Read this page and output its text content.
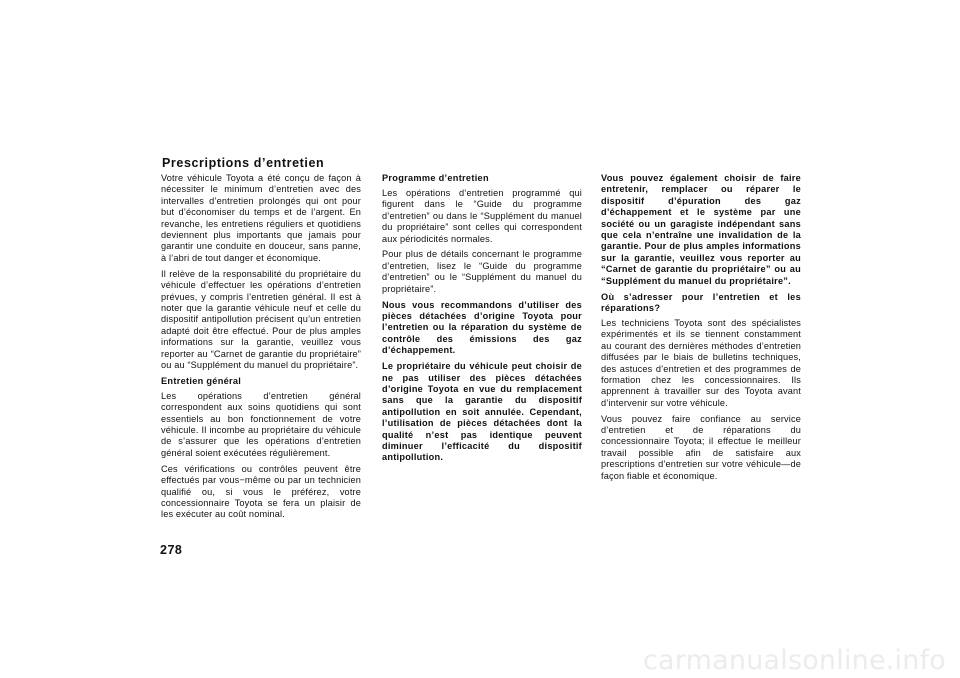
Prescriptions d’entretien

Votre véhicule Toyota a été conçu de façon à nécessiter le minimum d’entretien avec des intervalles d’entretien prolongés qui ont pour but d’économiser du temps et de l’argent. En revanche, les entretiens réguliers et quotidiens deviennent plus importants que jamais pour garantir une conduite en douceur, sans panne, à l’abri de tout danger et économique.

Il relève de la responsabilité du propriétaire du véhicule d’effectuer les opérations d’entretien prévues, y compris l’entretien général. Il est à noter que la garantie véhicule neuf et celle du dispositif antipollution précisent qu’un entretien adapté doit être effectué. Pour de plus amples informations sur la garantie, veuillez vous reporter au “Carnet de garantie du propriétaire” ou au “Supplément du manuel du propriétaire”.

Entretien général

Les opérations d’entretien général correspondent aux soins quotidiens qui sont essentiels au bon fonctionnement de votre véhicule. Il incombe au propriétaire du véhicule de s’assurer que les opérations d’entretien général soient exécutées régulièrement.

Ces vérifications ou contrôles peuvent être effectués par vous−même ou par un technicien qualifié ou, si vous le préférez, votre concessionnaire Toyota se fera un plaisir de les exécuter au coût nominal.

Programme d’entretien

Les opérations d’entretien programmé qui figurent dans le “Guide du programme d’entretien” ou dans le “Supplément du manuel du propriétaire” sont celles qui correspondent aux périodicités normales.

Pour plus de détails concernant le programme d’entretien, lisez le “Guide du programme d’entretien” ou le “Supplément du manuel du propriétaire”.

Nous vous recommandons d’utiliser des pièces détachées d’origine Toyota pour l’entretien ou la réparation du système de contrôle des émissions des gaz d’échappement.

Le propriétaire du véhicule peut choisir de ne pas utiliser des pièces détachées d’origine Toyota en vue du remplacement sans que la garantie du dispositif antipollution en soit annulée. Cependant, l’utilisation de pièces détachées dont la qualité n’est pas identique peuvent diminuer l’efficacité du dispositif antipollution.

Vous pouvez également choisir de faire entretenir, remplacer ou réparer le dispositif d’épuration des gaz d’échappement et le système par une société ou un garagiste indépendant sans que cela n’entraîne une invalidation de la garantie. Pour de plus amples informations sur la garantie, veuillez vous reporter au “Carnet de garantie du propriétaire” ou au “Supplément du manuel du propriétaire”.

Où s’adresser pour l’entretien et les réparations?

Les techniciens Toyota sont des spécialistes expérimentés et ils se tiennent constamment au courant des dernières méthodes d’entretien diffusées par le biais de bulletins techniques, des astuces d’entretien et des programmes de formation chez les concessionnaires. Ils apprennent à travailler sur des Toyota avant d’intervenir sur votre véhicule.

Vous pouvez faire confiance au service d’entretien et de réparations du concessionnaire Toyota; il effectue le meilleur travail possible afin de satisfaire aux prescriptions d’entretien sur votre véhicule—de façon fiable et économique.

278
carmanualsonline.info
